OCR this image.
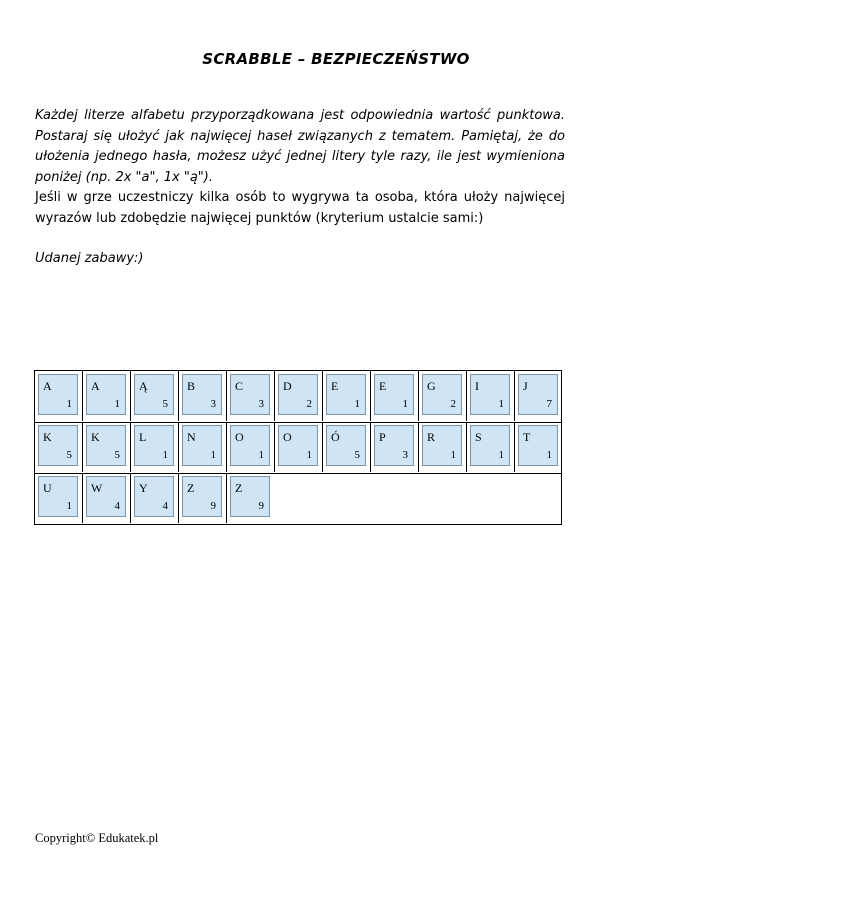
SCRABBLE – BEZPIECZEŃSTWO

Każdej literze alfabetu przyporządkowana jest odpowiednia wartość punktowa. Postaraj się ułożyć jak najwięcej haseł związanych z tematem. Pamiętaj, że do ułożenia jednego hasła, możesz użyć jednej litery tyle razy, ile jest wymieniona poniżej (np. 2x "a", 1x "ą").

Jeśli w grze uczestniczy kilka osób to wygrywa ta osoba, która ułoży najwięcej wyrazów lub zdobędzie najwięcej punktów (kryterium ustalcie sami:)

Udanej zabawy:)

A
1
A
1
Ą
5
B
3
C
3
D
2
E
1
E
1
G
2
I
1
J
7
K
5
K
5
L
1
N
1
O
1
O
1
Ó
5
P
3
R
1
S
1
T
1
U
1
W
4
Y
4
Z
9
Z
9
Copyright© Edukatek.pl
